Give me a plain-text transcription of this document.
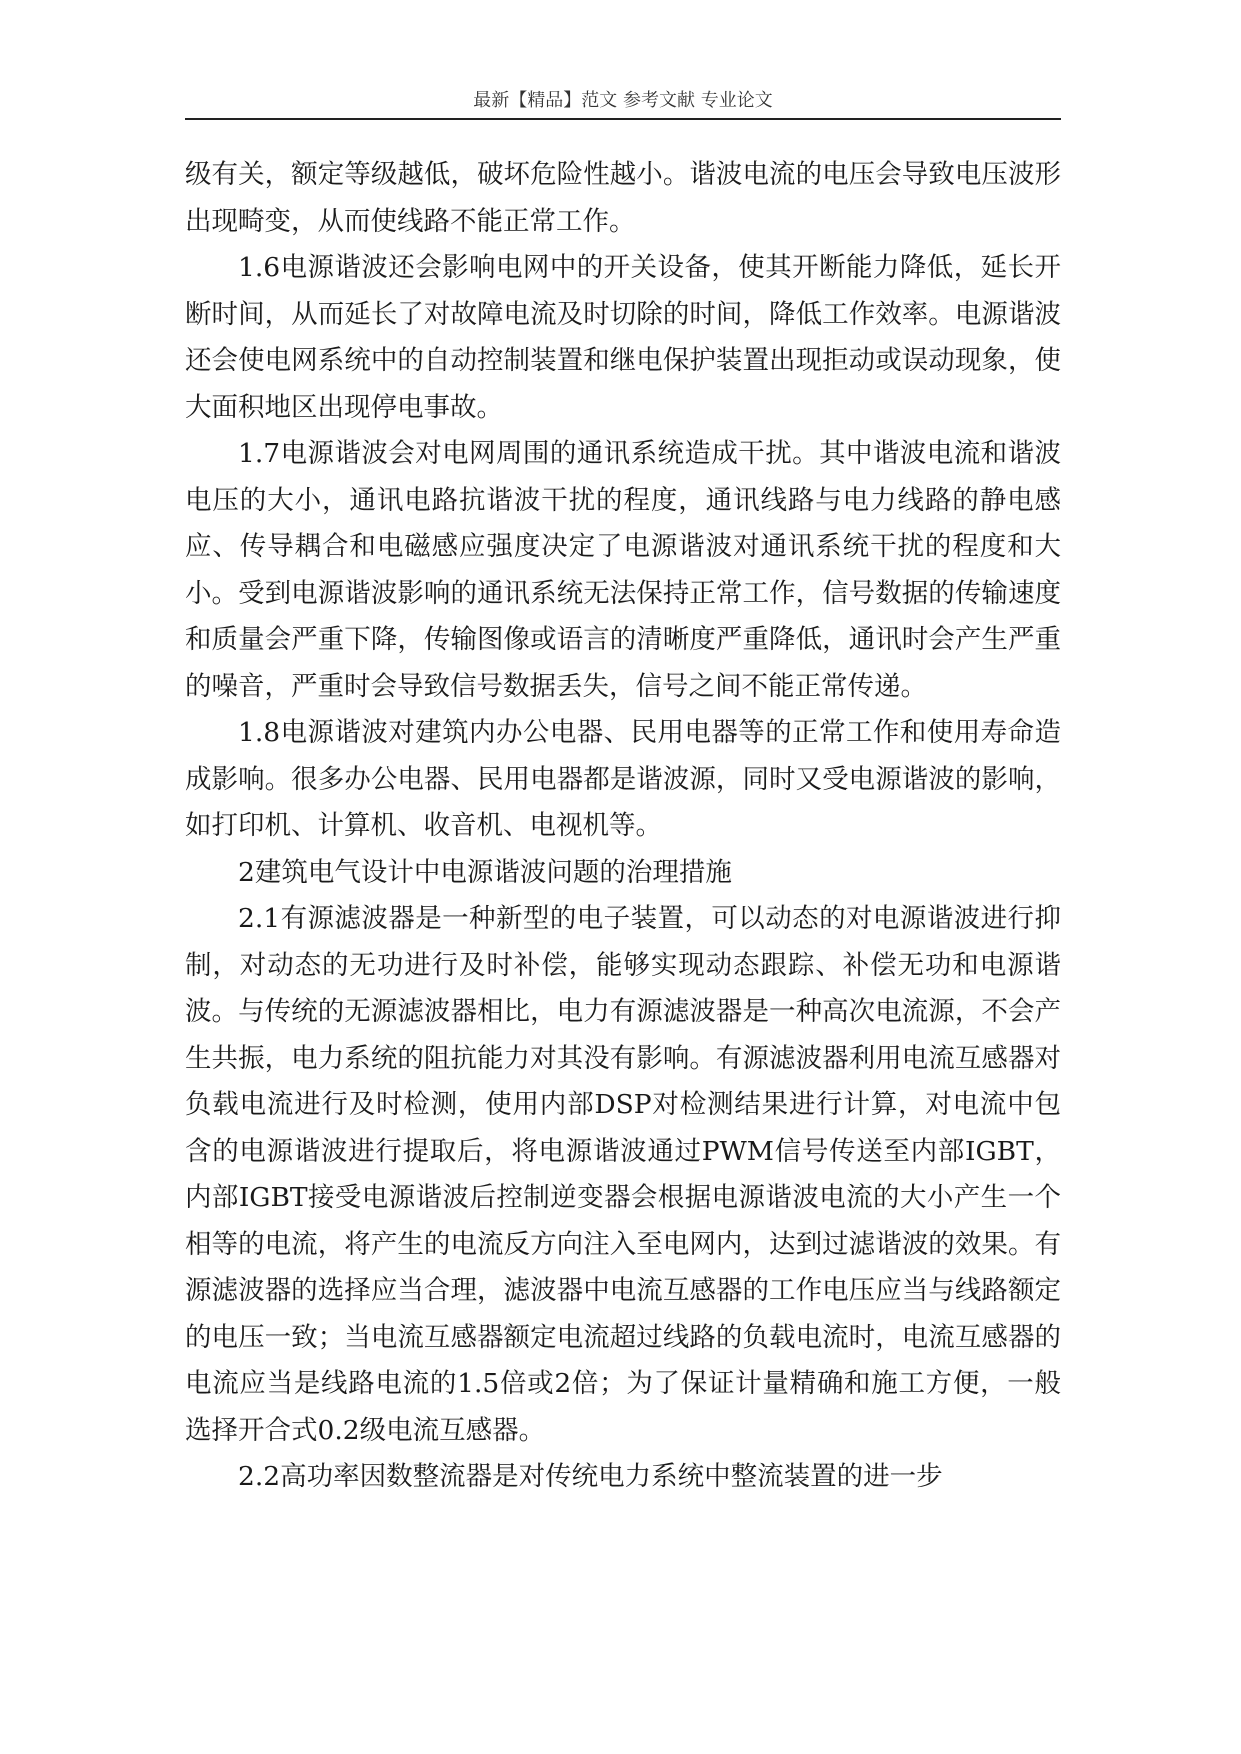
最新【精品】范文 参考文献 专业论文

级有关，额定等级越低，破坏危险性越小。谐波电流的电压会导致电压波形出现畸变，从而使线路不能正常工作。

1.6电源谐波还会影响电网中的开关设备，使其开断能力降低，延长开断时间，从而延长了对故障电流及时切除的时间，降低工作效率。电源谐波还会使电网系统中的自动控制装置和继电保护装置出现拒动或误动现象，使大面积地区出现停电事故。

1.7电源谐波会对电网周围的通讯系统造成干扰。其中谐波电流和谐波电压的大小，通讯电路抗谐波干扰的程度，通讯线路与电力线路的静电感应、传导耦合和电磁感应强度决定了电源谐波对通讯系统干扰的程度和大小。受到电源谐波影响的通讯系统无法保持正常工作，信号数据的传输速度和质量会严重下降，传输图像或语言的清晰度严重降低，通讯时会产生严重的噪音，严重时会导致信号数据丢失，信号之间不能正常传递。

1.8电源谐波对建筑内办公电器、民用电器等的正常工作和使用寿命造成影响。很多办公电器、民用电器都是谐波源，同时又受电源谐波的影响，如打印机、计算机、收音机、电视机等。

2建筑电气设计中电源谐波问题的治理措施

2.1有源滤波器是一种新型的电子装置，可以动态的对电源谐波进行抑制，对动态的无功进行及时补偿，能够实现动态跟踪、补偿无功和电源谐波。与传统的无源滤波器相比，电力有源滤波器是一种高次电流源，不会产生共振，电力系统的阻抗能力对其没有影响。有源滤波器利用电流互感器对负载电流进行及时检测，使用内部DSP对检测结果进行计算，对电流中包含的电源谐波进行提取后，将电源谐波通过PWM信号传送至内部IGBT，内部IGBT接受电源谐波后控制逆变器会根据电源谐波电流的大小产生一个相等的电流，将产生的电流反方向注入至电网内，达到过滤谐波的效果。有源滤波器的选择应当合理，滤波器中电流互感器的工作电压应当与线路额定的电压一致；当电流互感器额定电流超过线路的负载电流时，电流互感器的电流应当是线路电流的1.5倍或2倍；为了保证计量精确和施工方便，一般选择开合式0.2级电流互感器。

2.2高功率因数整流器是对传统电力系统中整流装置的进一步
